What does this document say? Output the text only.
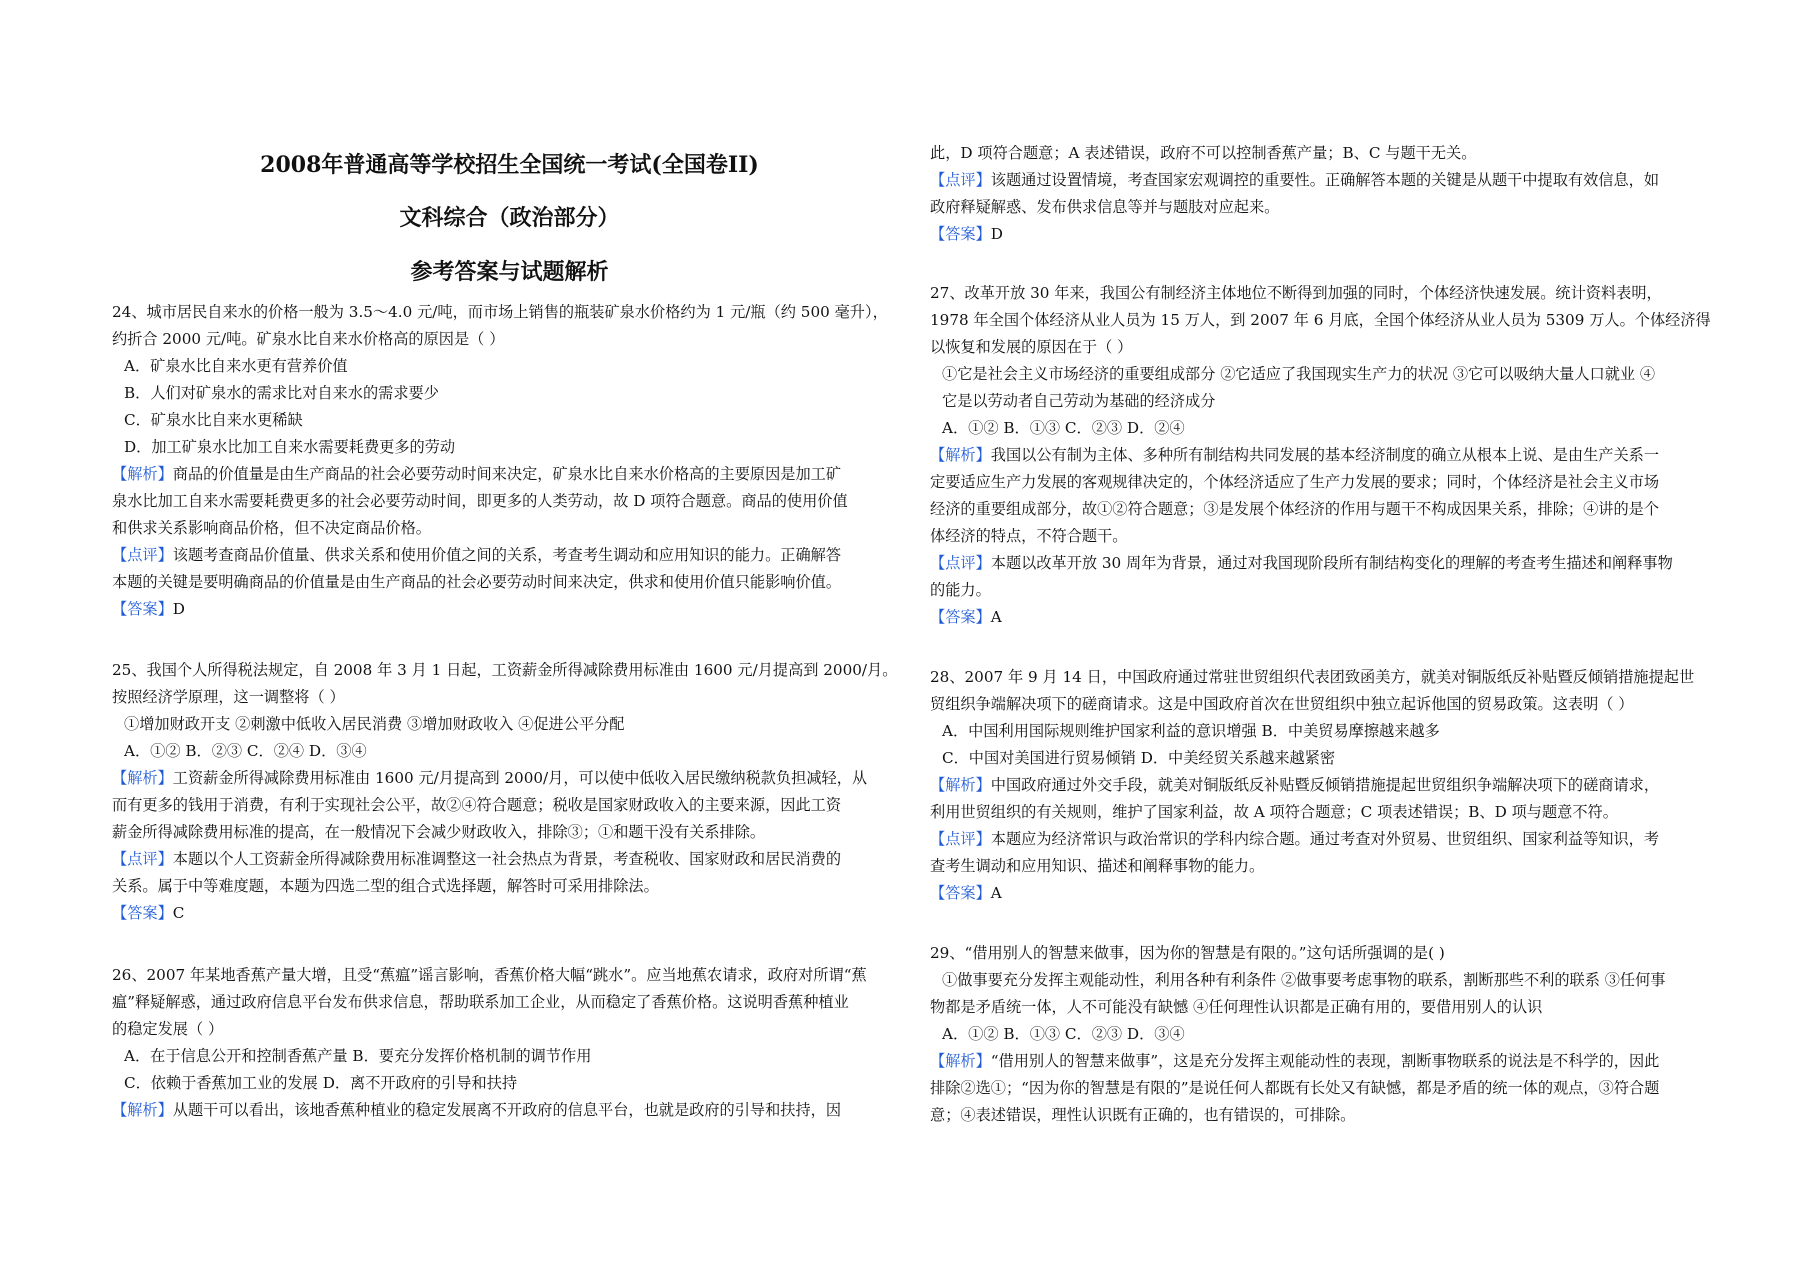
2008年普通高等学校招生全国统一考试(全国卷II)
文科综合（政治部分）
参考答案与试题解析
24、城市居民自来水的价格一般为 3.5～4.0 元/吨，而市场上销售的瓶装矿泉水价格约为 1 元/瓶（约 500 毫升），
约折合 2000 元/吨。矿泉水比自来水价格高的原因是（ ）
A．矿泉水比自来水更有营养价值
B．人们对矿泉水的需求比对自来水的需求要少
C．矿泉水比自来水更稀缺
D．加工矿泉水比加工自来水需要耗费更多的劳动
【解析】商品的价值量是由生产商品的社会必要劳动时间来决定，矿泉水比自来水价格高的主要原因是加工矿
泉水比加工自来水需要耗费更多的社会必要劳动时间，即更多的人类劳动，故 D 项符合题意。商品的使用价值
和供求关系影响商品价格，但不决定商品价格。
【点评】该题考查商品价值量、供求关系和使用价值之间的关系，考查考生调动和应用知识的能力。正确解答
本题的关键是要明确商品的价值量是由生产商品的社会必要劳动时间来决定，供求和使用价值只能影响价值。
【答案】D
25、我国个人所得税法规定，自 2008 年 3 月 1 日起，工资薪金所得减除费用标准由 1600 元/月提高到 2000/月。
按照经济学原理，这一调整将（ ）
①增加财政开支 ②刺激中低收入居民消费 ③增加财政收入 ④促进公平分配
A．①② B．②③ C．②④ D．③④
【解析】工资薪金所得减除费用标准由 1600 元/月提高到 2000/月，可以使中低收入居民缴纳税款负担减轻，从
而有更多的钱用于消费，有利于实现社会公平，故②④符合题意；税收是国家财政收入的主要来源，因此工资
薪金所得减除费用标准的提高，在一般情况下会减少财政收入，排除③；①和题干没有关系排除。
【点评】本题以个人工资薪金所得减除费用标准调整这一社会热点为背景，考查税收、国家财政和居民消费的
关系。属于中等难度题，本题为四选二型的组合式选择题，解答时可采用排除法。
【答案】C
26、2007 年某地香蕉产量大增，且受“蕉瘟”谣言影响，香蕉价格大幅“跳水”。应当地蕉农请求，政府对所谓“蕉
瘟”释疑解惑，通过政府信息平台发布供求信息，帮助联系加工企业，从而稳定了香蕉价格。这说明香蕉种植业
的稳定发展（ ）
A．在于信息公开和控制香蕉产量 B．要充分发挥价格机制的调节作用
C．依赖于香蕉加工业的发展 D．离不开政府的引导和扶持
【解析】从题干可以看出，该地香蕉种植业的稳定发展离不开政府的信息平台，也就是政府的引导和扶持，因
此，D 项符合题意；A 表述错误，政府不可以控制香蕉产量；B、C 与题干无关。
【点评】该题通过设置情境，考查国家宏观调控的重要性。正确解答本题的关键是从题干中提取有效信息，如
政府释疑解惑、发布供求信息等并与题肢对应起来。
【答案】D
27、改革开放 30 年来，我国公有制经济主体地位不断得到加强的同时，个体经济快速发展。统计资料表明，
1978 年全国个体经济从业人员为 15 万人，到 2007 年 6 月底，全国个体经济从业人员为 5309 万人。个体经济得
以恢复和发展的原因在于（ ）
①它是社会主义市场经济的重要组成部分 ②它适应了我国现实生产力的状况 ③它可以吸纳大量人口就业 ④
它是以劳动者自己劳动为基础的经济成分
A．①② B．①③ C．②③ D．②④
【解析】我国以公有制为主体、多种所有制结构共同发展的基本经济制度的确立从根本上说、是由生产关系一
定要适应生产力发展的客观规律决定的，个体经济适应了生产力发展的要求；同时，个体经济是社会主义市场
经济的重要组成部分，故①②符合题意；③是发展个体经济的作用与题干不构成因果关系，排除；④讲的是个
体经济的特点，不符合题干。
【点评】本题以改革开放 30 周年为背景，通过对我国现阶段所有制结构变化的理解的考查考生描述和阐释事物
的能力。
【答案】A
28、2007 年 9 月 14 日，中国政府通过常驻世贸组织代表团致函美方，就美对铜版纸反补贴暨反倾销措施提起世
贸组织争端解决项下的磋商请求。这是中国政府首次在世贸组织中独立起诉他国的贸易政策。这表明（ ）
A．中国利用国际规则维护国家利益的意识增强 B．中美贸易摩擦越来越多
C．中国对美国进行贸易倾销 D．中美经贸关系越来越紧密
【解析】中国政府通过外交手段，就美对铜版纸反补贴暨反倾销措施提起世贸组织争端解决项下的磋商请求，
利用世贸组织的有关规则，维护了国家利益，故 A 项符合题意；C 项表述错误；B、D 项与题意不符。
【点评】本题应为经济常识与政治常识的学科内综合题。通过考查对外贸易、世贸组织、国家利益等知识，考
查考生调动和应用知识、描述和阐释事物的能力。
【答案】A
29、“借用别人的智慧来做事，因为你的智慧是有限的。”这句话所强调的是( )
①做事要充分发挥主观能动性，利用各种有利条件 ②做事要考虑事物的联系，割断那些不利的联系 ③任何事
物都是矛盾统一体，人不可能没有缺憾 ④任何理性认识都是正确有用的，要借用别人的认识
A．①② B．①③ C．②③ D．③④
【解析】“借用别人的智慧来做事”，这是充分发挥主观能动性的表现，割断事物联系的说法是不科学的，因此
排除②选①；“因为你的智慧是有限的”是说任何人都既有长处又有缺憾，都是矛盾的统一体的观点，③符合题
意；④表述错误，理性认识既有正确的，也有错误的，可排除。
